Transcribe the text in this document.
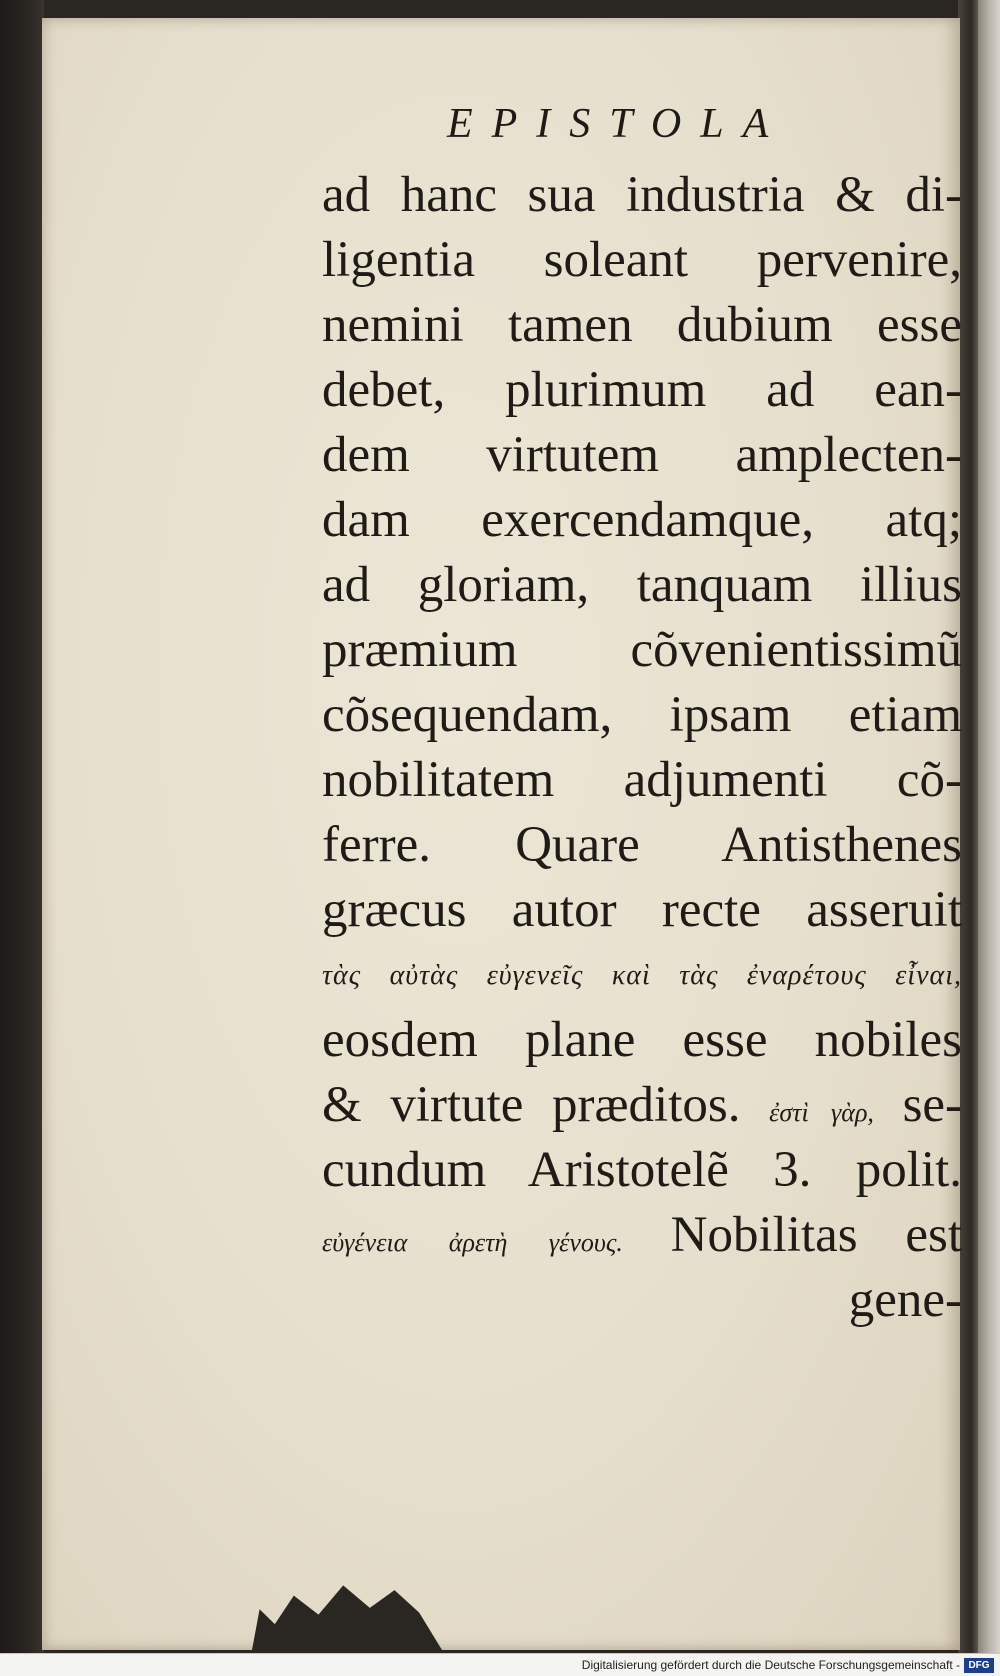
EPISTOLA
ad hanc sua industria & di-
ligentia soleant pervenire,
nemini tamen dubium esse
debet, plurimum ad ean-
dem virtutem amplecten-
dam exercendamque, atq;
ad gloriam, tanquam illius
præmium cõvenientissimũ
cõsequendam, ipsam etiam
nobilitatem adjumenti cõ-
ferre. Quare Antisthenes
græcus autor recte asseruit
τὰς αὐτὰς εὐγενεῖς καὶ τὰς ἐναρέτους εἶναι,
eosdem plane esse nobiles
& virtute præditos. ἐστὶ γὰρ, se-
cundum Aristotelẽ 3. polit.
εὐγένεια ἀρετὴ γένους. Nobilitas est
gene-
Digitalisierung gefördert durch die Deutsche Forschungsgemeinschaft - DFG
